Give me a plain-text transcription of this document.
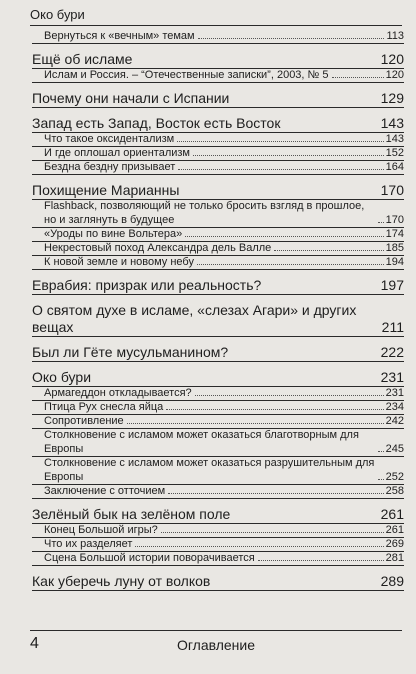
Око бури
Вернуться к «вечным» темам	113
Ещё об исламе	120
Ислам и Россия. – “Отечественные записки”, 2003, № 5	120
Почему они начали с Испании	129
Запад есть Запад, Восток есть Восток	143
Что такое оксидентализм	143
И где оплошал ориентализм	152
Бездна бездну призывает	164
Похищение Марианны	170
Flashback, позволяющий не только бросить взгляд в прошлое, но и заглянуть в будущее	170
«Уроды по вине Вольтера»	174
Некрестовый поход Александра дель Валле	185
К новой земле и новому небу	194
Еврабия: призрак или реальность?	197
О святом духе в исламе, «слезах Агари» и других вещах	211
Был ли Гёте мусульманином?	222
Око бури	231
Армагеддон откладывается?	231
Птица Рух снесла яйца	234
Сопротивление	242
Столкновение с исламом может оказаться благотворным для Европы	245
Столкновение с исламом может оказаться разрушительным для Европы	252
Заключение с отточием	258
Зелёный бык на зелёном поле	261
Конец Большой игры?	261
Что их разделяет	269
Сцена Большой истории поворачивается	281
Как уберечь луну от волков	289
4	Оглавление
